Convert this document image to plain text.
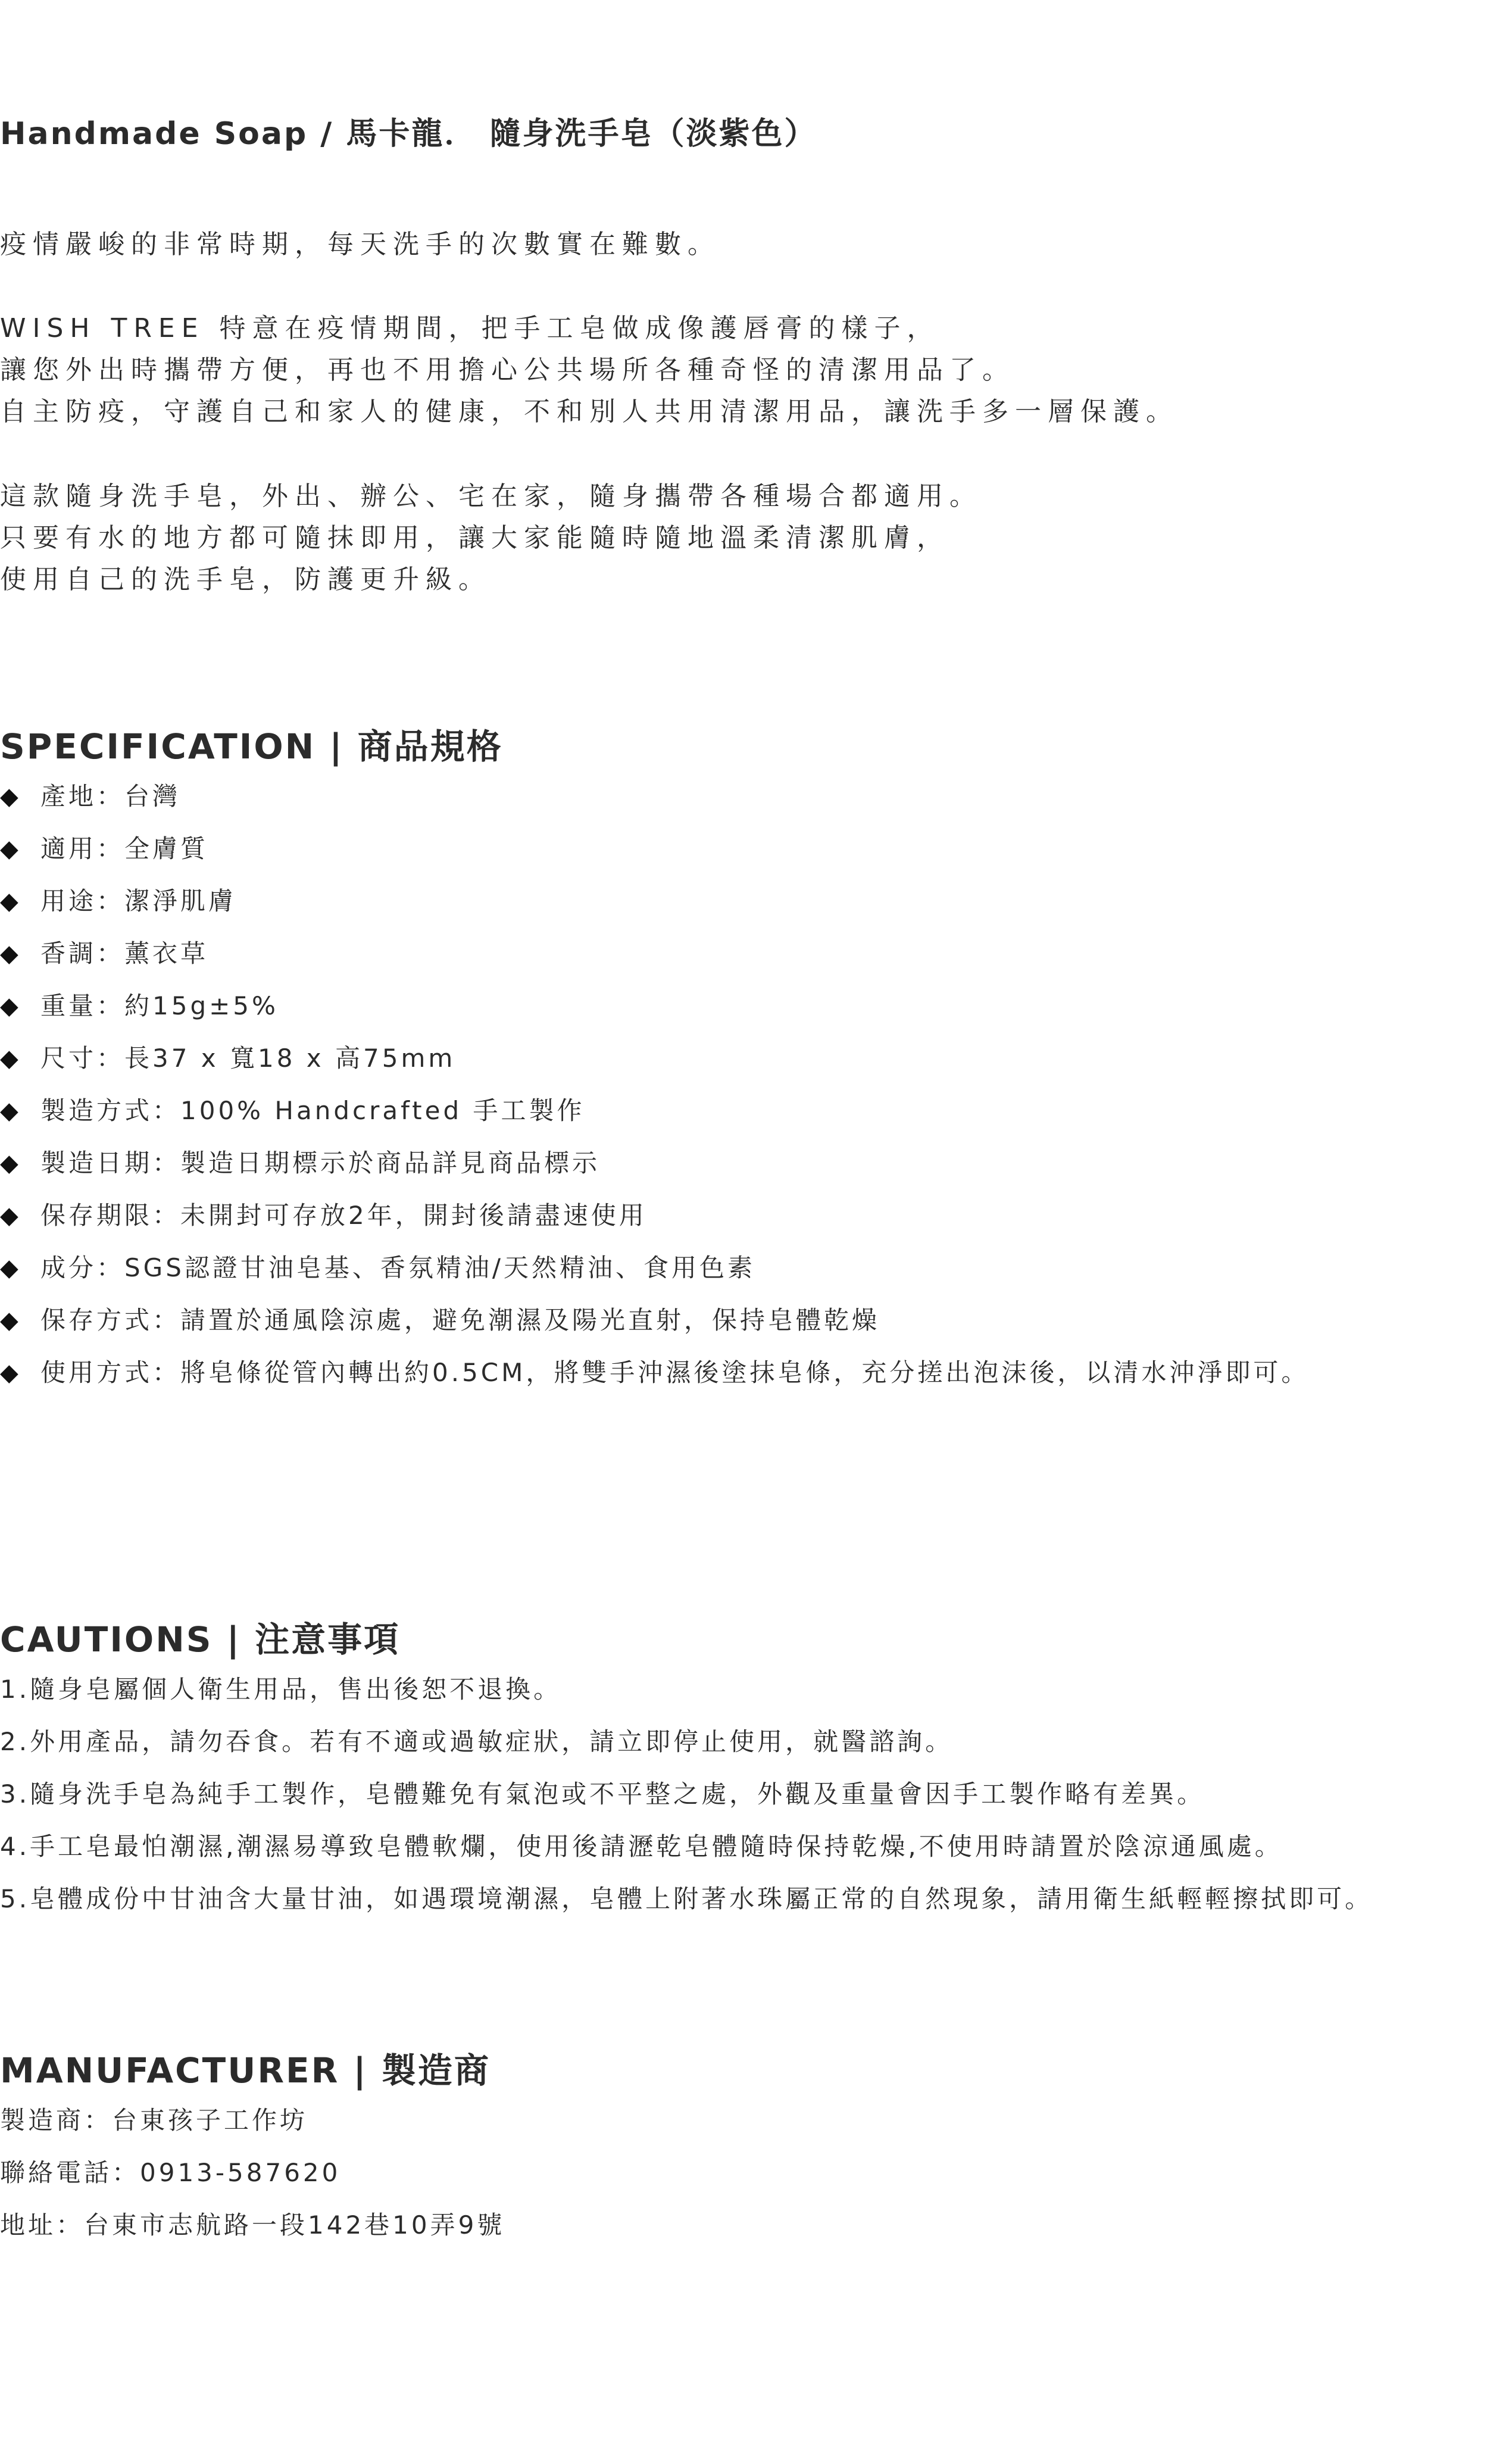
Handmade Soap / 馬卡龍． 隨身洗手皂（淡紫色）
疫情嚴峻的非常時期，每天洗手的次數實在難數。
WISH TREE 特意在疫情期間，把手工皂做成像護唇膏的樣子，
讓您外出時攜帶方便，再也不用擔心公共場所各種奇怪的清潔用品了。
自主防疫，守護自己和家人的健康，不和別人共用清潔用品，讓洗手多一層保護。
這款隨身洗手皂，外出、辦公、宅在家，隨身攜帶各種場合都適用。
只要有水的地方都可隨抹即用，讓大家能隨時隨地溫柔清潔肌膚，
使用自己的洗手皂，防護更升級。
SPECIFICATION | 商品規格
◆ 產地：台灣
◆ 適用：全膚質
◆ 用途：潔淨肌膚
◆ 香調：薰衣草
◆ 重量：約15g±5%
◆ 尺寸：長37 x 寬18 x 高75mm
◆ 製造方式：100% Handcrafted 手工製作
◆ 製造日期：製造日期標示於商品詳見商品標示
◆ 保存期限：未開封可存放2年，開封後請盡速使用
◆ 成分：SGS認證甘油皂基、香氛精油/天然精油、食用色素
◆ 保存方式：請置於通風陰涼處，避免潮濕及陽光直射，保持皂體乾燥
◆ 使用方式：將皂條從管內轉出約0.5CM，將雙手沖濕後塗抹皂條，充分搓出泡沫後，以清水沖淨即可。
CAUTIONS | 注意事項
1.隨身皂屬個人衛生用品，售出後恕不退換。
2.外用產品，請勿吞食。若有不適或過敏症狀，請立即停止使用，就醫諮詢。
3.隨身洗手皂為純手工製作，皂體難免有氣泡或不平整之處，外觀及重量會因手工製作略有差異。
4.手工皂最怕潮濕,潮濕易導致皂體軟爛，使用後請瀝乾皂體隨時保持乾燥,不使用時請置於陰涼通風處。
5.皂體成份中甘油含大量甘油，如遇環境潮濕，皂體上附著水珠屬正常的自然現象，請用衛生紙輕輕擦拭即可。
MANUFACTURER | 製造商
製造商：台東孩子工作坊
聯絡電話：0913-587620
地址：台東市志航路一段142巷10弄9號
